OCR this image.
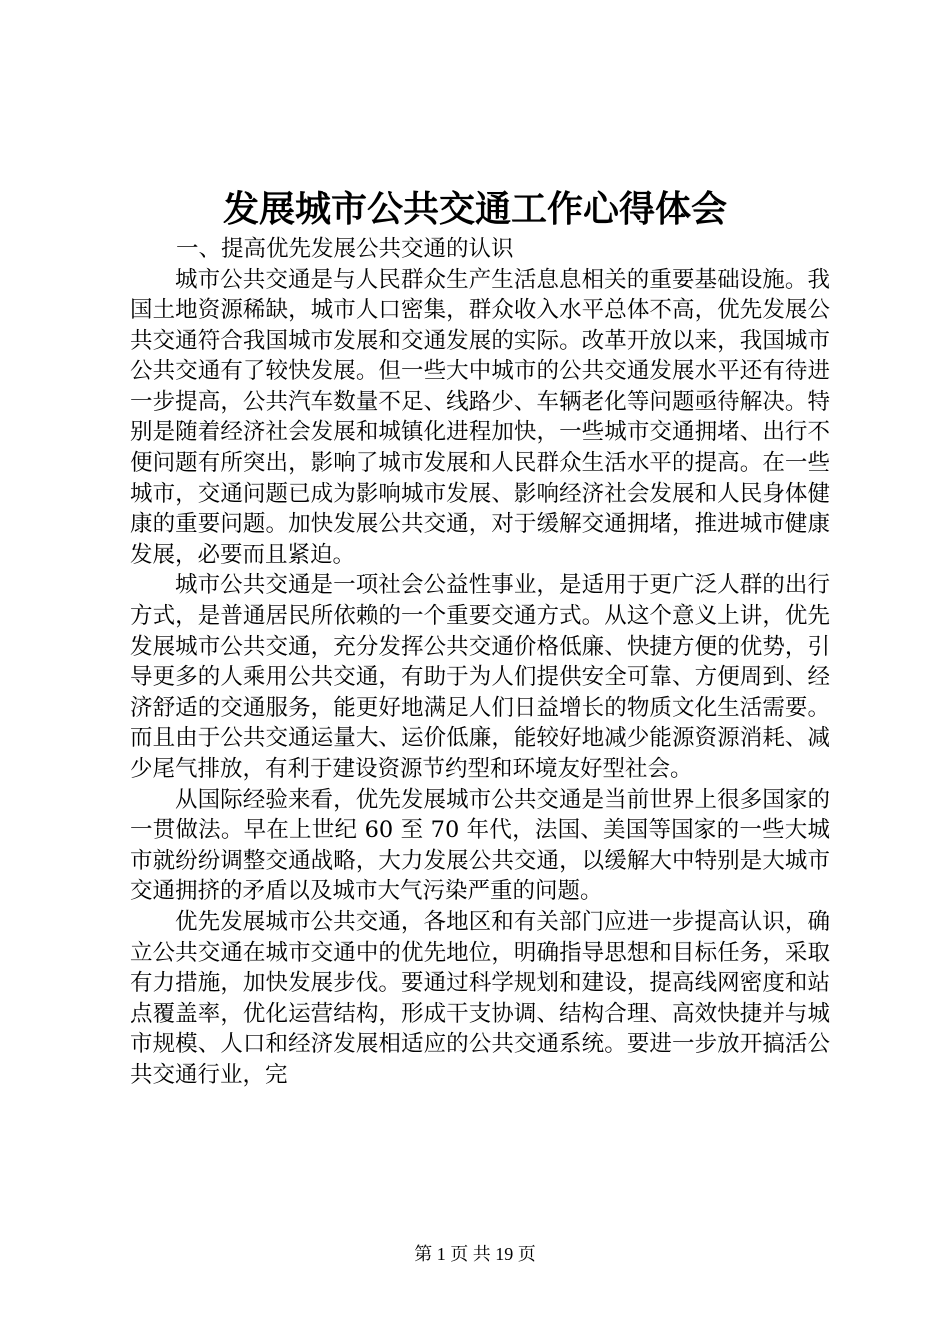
发展城市公共交通工作心得体会

一、提高优先发展公共交通的认识

城市公共交通是与人民群众生产生活息息相关的重要基础设施。我国土地资源稀缺，城市人口密集，群众收入水平总体不高，优先发展公共交通符合我国城市发展和交通发展的实际。改革开放以来，我国城市公共交通有了较快发展。但一些大中城市的公共交通发展水平还有待进一步提高，公共汽车数量不足、线路少、车辆老化等问题亟待解决。特别是随着经济社会发展和城镇化进程加快，一些城市交通拥堵、出行不便问题有所突出，影响了城市发展和人民群众生活水平的提高。在一些城市，交通问题已成为影响城市发展、影响经济社会发展和人民身体健康的重要问题。加快发展公共交通，对于缓解交通拥堵，推进城市健康发展，必要而且紧迫。

城市公共交通是一项社会公益性事业，是适用于更广泛人群的出行方式，是普通居民所依赖的一个重要交通方式。从这个意义上讲，优先发展城市公共交通，充分发挥公共交通价格低廉、快捷方便的优势，引导更多的人乘用公共交通，有助于为人们提供安全可靠、方便周到、经济舒适的交通服务，能更好地满足人们日益增长的物质文化生活需要。而且由于公共交通运量大、运价低廉，能较好地减少能源资源消耗、减少尾气排放，有利于建设资源节约型和环境友好型社会。

从国际经验来看，优先发展城市公共交通是当前世界上很多国家的一贯做法。早在上世纪 60 至 70 年代，法国、美国等国家的一些大城市就纷纷调整交通战略，大力发展公共交通，以缓解大中特别是大城市交通拥挤的矛盾以及城市大气污染严重的问题。

优先发展城市公共交通，各地区和有关部门应进一步提高认识，确立公共交通在城市交通中的优先地位，明确指导思想和目标任务，采取有力措施，加快发展步伐。要通过科学规划和建设，提高线网密度和站点覆盖率，优化运营结构，形成干支协调、结构合理、高效快捷并与城市规模、人口和经济发展相适应的公共交通系统。要进一步放开搞活公共交通行业，完

第 1 页 共 19 页
